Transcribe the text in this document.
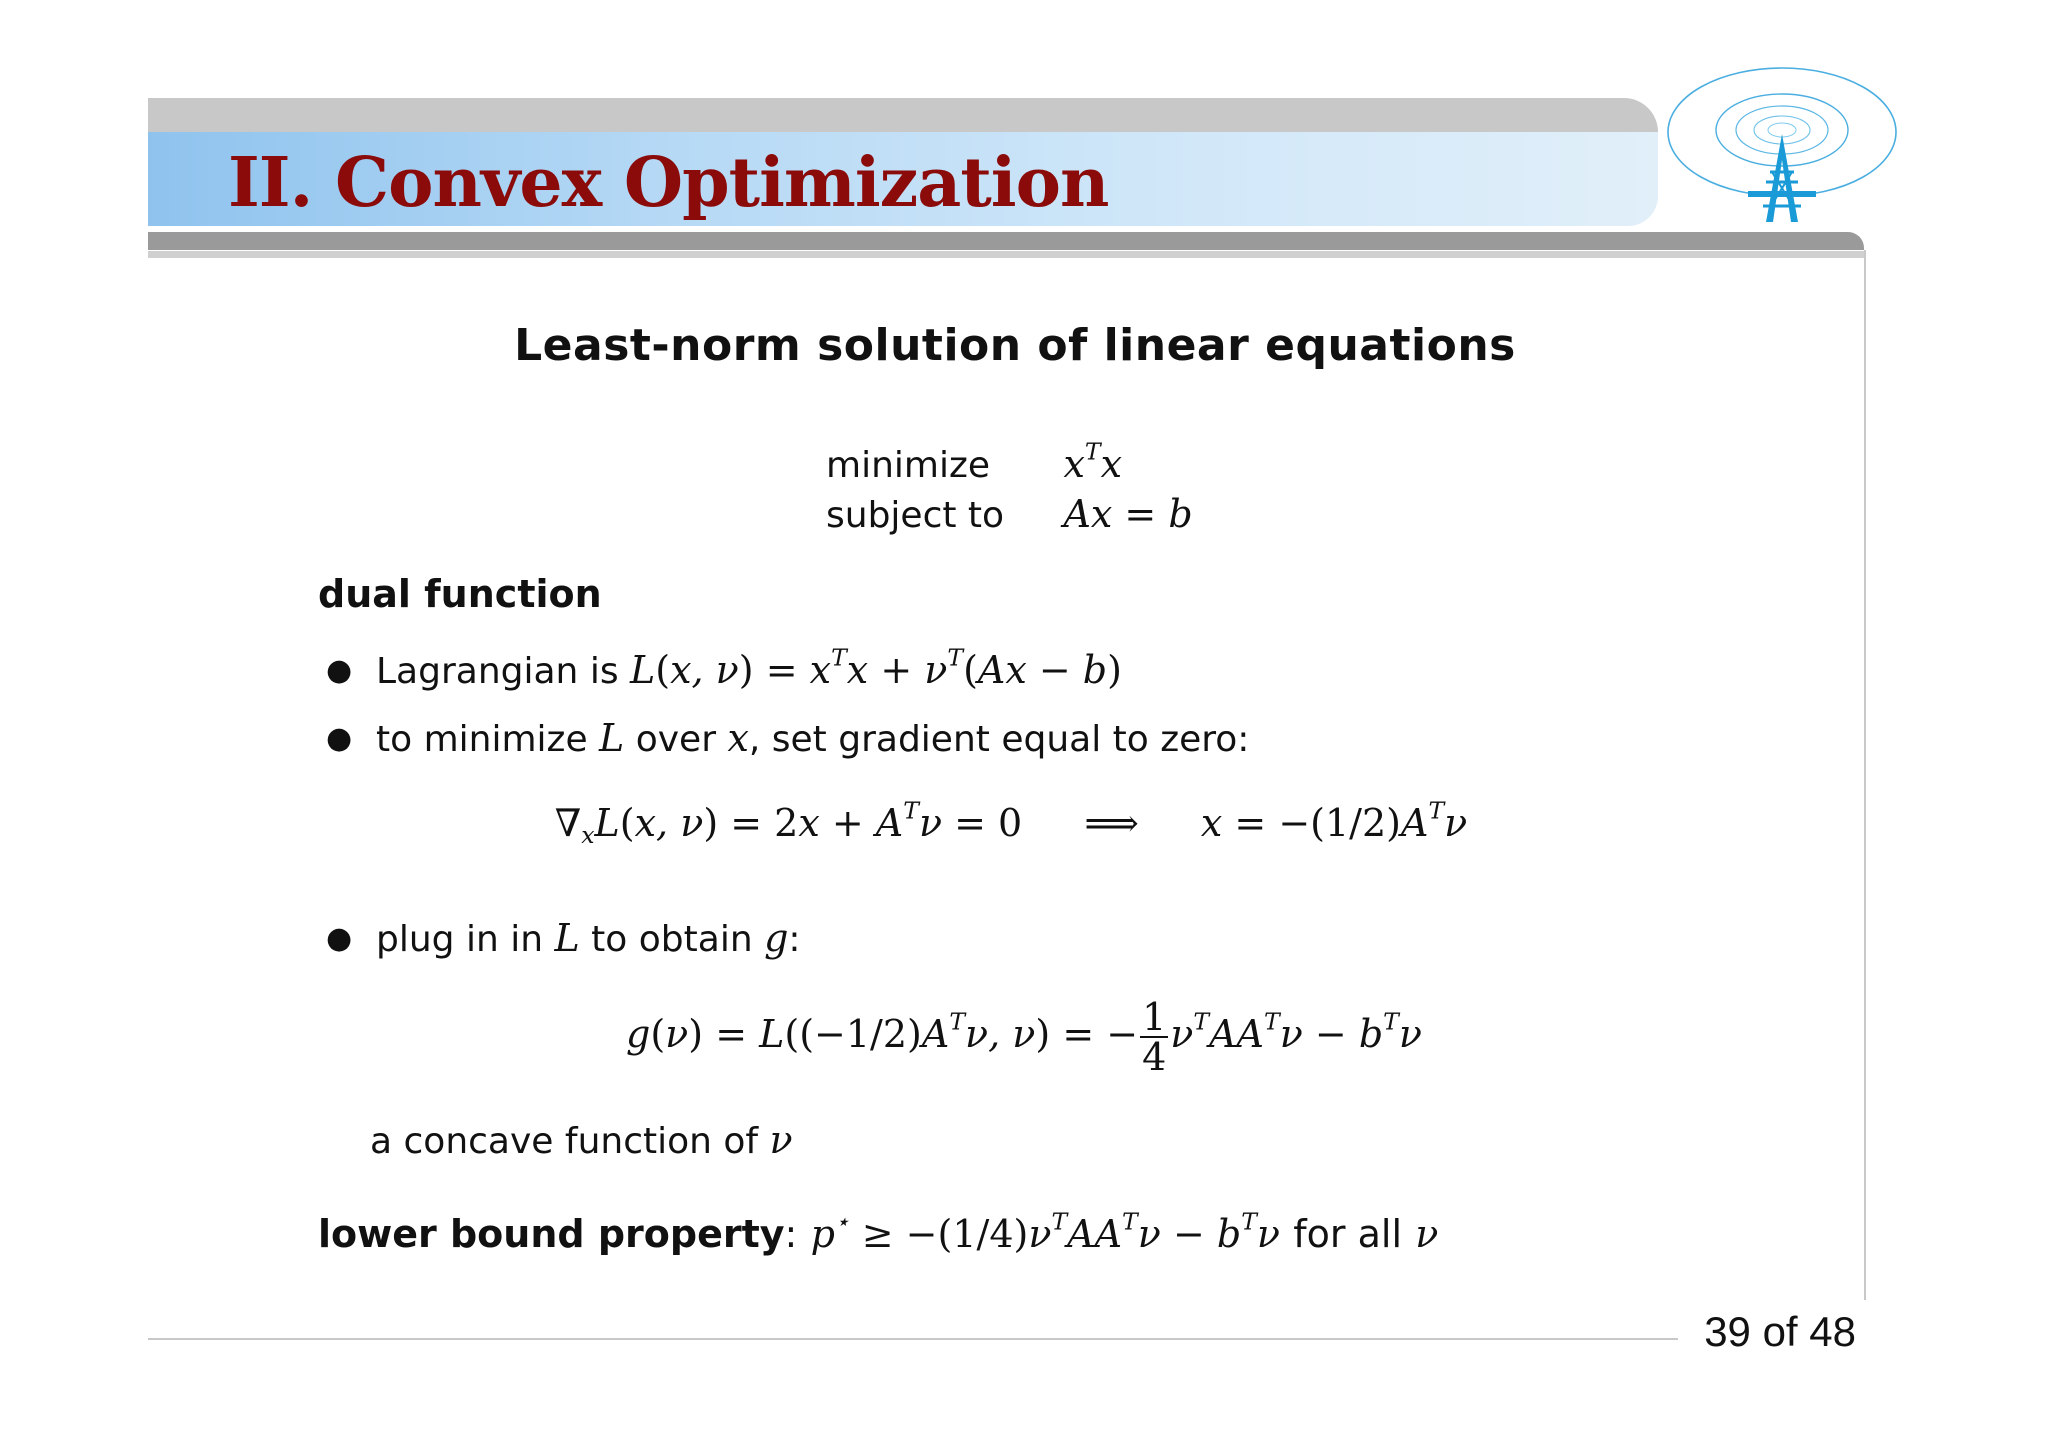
II. Convex Optimization
Least-norm solution of linear equations
minimize $x^Tx$
subject to Ax = b
dual function
● Lagrangian is L(x, $\nu) = x^Tx + \nu^T(Ax - b)$
● to minimize L over x, set gradient equal to zero:
$\nabla_xL(x$, $\nu) = 2x + A^T\nu = 0$ ⟹ $x = -(1/2)A^T\nu$
● plug in in L to obtain g:
$g(\nu) = L((-1/2)A^T\nu$, ν) = − $\frac{1}{4} \nu^TAA^T\nu - b^T\nu$
a concave function of ν
lower bound property: $p^⋆ \ge -(1/4)\nu^TAA^T\nu - b^T\nu$ for all ν
39 of 48
